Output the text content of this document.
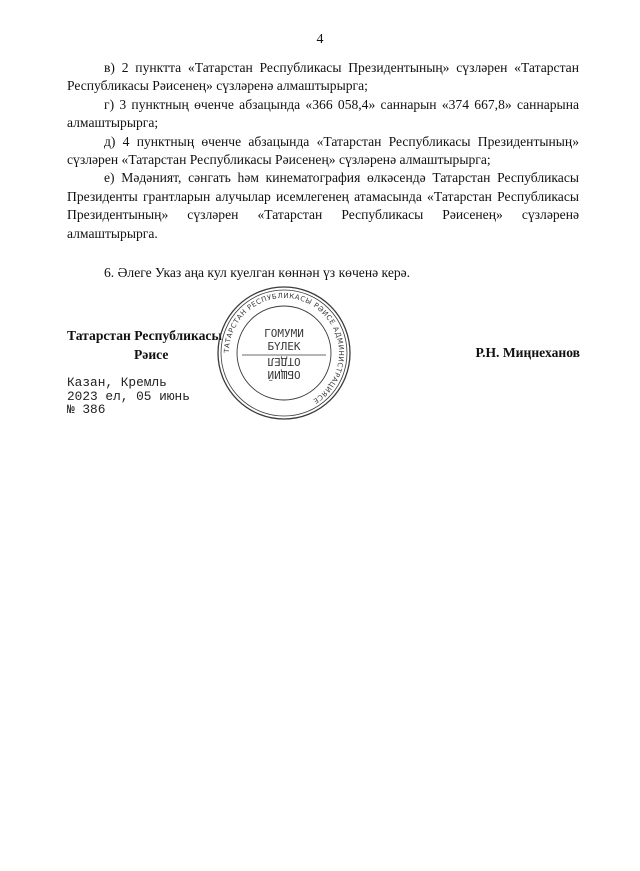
4

в) 2 пунктта «Татарстан Республикасы Президентының» сүзләрен «Татарстан Республикасы Рәисенең» сүзләренә алмаштырырга;

г) 3 пунктның өченче абзацында «366 058,4» саннарын «374 667,8» саннарына алмаштырырга;

д) 4 пунктның өченче абзацында «Татарстан Республикасы Президентының» сүзләрен «Татарстан Республикасы Рәисенең» сүзләренә алмаштырырга;

е) Мәдәният, сәнгать һәм кинематография өлкәсендә Татарстан Республикасы Президенты грантларын алучылар исемлегенең атамасында «Татарстан Республикасы Президентының» сүзләрен «Татарстан Республикасы Рәисенең» сүзләренә алмаштырырга.

6. Әлеге Указ аңа кул куелган көннән үз көченә керә.

Татарстан Республикасы
Рәисе	Р.Н. Миңнеханов
Казан, Кремль
2023 ел, 05 июнь
№ 386
ТАТАРСТАН РЕСПУБЛИКАСЫ РӘИСЕ АДМИНИСТРАЦИЯСЕ
ГОМУМИ
БҮЛЕК
ОТДЕЛ
ОБЩИЙ
